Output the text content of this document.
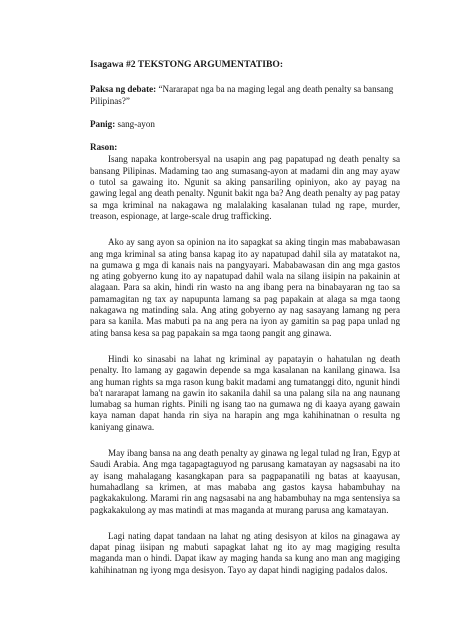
Isagawa #2 TEKSTONG ARGUMENTATIBO:
Paksa ng debate: “Nararapat nga ba na maging legal ang death penalty sa bansang Pilipinas?”
Panig: sang-ayon
Rason:

Isang napaka kontrobersyal na usapin ang pag papatupad ng death penalty sa bansang Pilipinas. Madaming tao ang sumasang-ayon at madami din ang may ayaw o tutol sa gawaing ito. Ngunit sa aking pansariling opiniyon, ako ay payag na gawing legal ang death penalty. Ngunit bakit nga ba? Ang death penalty ay pag patay sa mga kriminal na nakagawa ng malalaking kasalanan tulad ng rape, murder, treason, espionage, at large-scale drug trafficking.

Ako ay sang ayon sa opinion na ito sapagkat sa aking tingin mas mababawasan ang mga kriminal sa ating bansa kapag ito ay napatupad dahil sila ay matatakot na, na gumawa g mga di kanais nais na pangyayari. Mababawasan din ang mga gastos ng ating gobyerno kung ito ay napatupad dahil wala na silang iisipin na pakainin at alagaan. Para sa akin, hindi rin wasto na ang ibang pera na binabayaran ng tao sa pamamagitan ng tax ay napupunta lamang sa pag papakain at alaga sa mga taong nakagawa ng matinding sala. Ang ating gobyerno ay nag sasayang lamang ng pera para sa kanila. Mas mabuti pa na ang pera na iyon ay gamitin sa pag papa unlad ng ating bansa kesa sa pag papakain sa mga taong pangit ang ginawa.

Hindi ko sinasabi na lahat ng kriminal ay papatayin o hahatulan ng death penalty. Ito lamang ay gagawin depende sa mga kasalanan na kanilang ginawa. Isa ang human rights sa mga rason kung bakit madami ang tumatanggi dito, ngunit hindi ba't nararapat lamang na gawin ito sakanila dahil sa una palang sila na ang naunang lumabag sa human rights. Pinili ng isang tao na gumawa ng di kaaya ayang gawain kaya naman dapat handa rin siya na harapin ang mga kahihinatnan o resulta ng kaniyang ginawa.

May ibang bansa na ang death penalty ay ginawa ng legal tulad ng Iran, Egyp at Saudi Arabia. Ang mga tagapagtaguyod ng parusang kamatayan ay nagsasabi na ito ay isang mahalagang kasangkapan para sa pagpapanatili ng batas at kaayusan, humahadlang sa krimen, at mas mababa ang gastos kaysa habambuhay na pagkakakulong. Marami rin ang nagsasabi na ang habambuhay na mga sentensiya sa pagkakakulong ay mas matindi at mas maganda at murang parusa ang kamatayan.

Lagi nating dapat tandaan na lahat ng ating desisyon at kilos na ginagawa ay dapat pinag iisipan ng mabuti sapagkat lahat ng ito ay mag magiging resulta maganda man o hindi. Dapat ikaw ay maging handa sa kung ano man ang magiging kahihinatnan ng iyong mga desisyon. Tayo ay dapat hindi nagiging padalos dalos.
